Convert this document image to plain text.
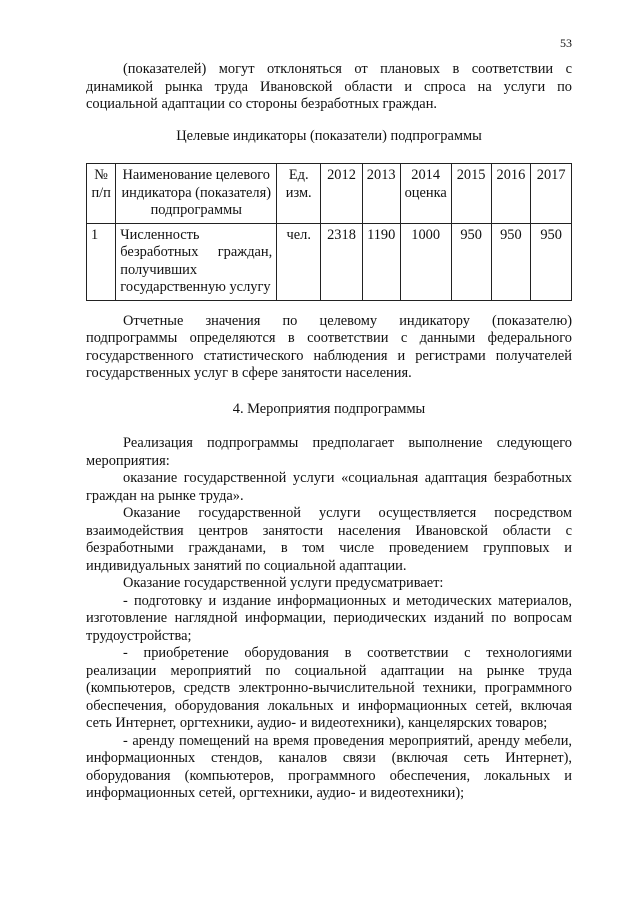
53

(показателей) могут отклоняться от плановых в соответствии с динамикой рынка труда Ивановской области и спроса на услуги по социальной адаптации со стороны безработных граждан.

Целевые индикаторы (показатели) подпрограммы

№ п/п	Наименование целевого индикатора (показателя) подпрограммы	Ед. изм.	2012	2013	2014 оценка	2015	2016	2017
1	Численность безработных граждан, получивших государственную услугу	чел.	2318	1190	1000	950	950	950

Отчетные значения по целевому индикатору (показателю) подпрограммы определяются в соответствии с данными федерального государственного статистического наблюдения и регистрами получателей государственных услуг в сфере занятости населения.

4. Мероприятия подпрограммы

Реализация подпрограммы предполагает выполнение следующего мероприятия:

оказание государственной услуги «социальная адаптация безработных граждан на рынке труда».

Оказание государственной услуги осуществляется посредством взаимодействия центров занятости населения Ивановской области с безработными гражданами, в том числе проведением групповых и индивидуальных занятий по социальной адаптации.

Оказание государственной услуги предусматривает:

- подготовку и издание информационных и методических материалов, изготовление наглядной информации, периодических изданий по вопросам трудоустройства;

- приобретение оборудования в соответствии с технологиями реализации мероприятий по социальной адаптации на рынке труда (компьютеров, средств электронно-вычислительной техники, программного обеспечения, оборудования локальных и информационных сетей, включая сеть Интернет, оргтехники, аудио- и видеотехники), канцелярских товаров;

- аренду помещений на время проведения мероприятий, аренду мебели, информационных стендов, каналов связи (включая сеть Интернет), оборудования (компьютеров, программного обеспечения, локальных и информационных сетей, оргтехники, аудио- и видеотехники);
